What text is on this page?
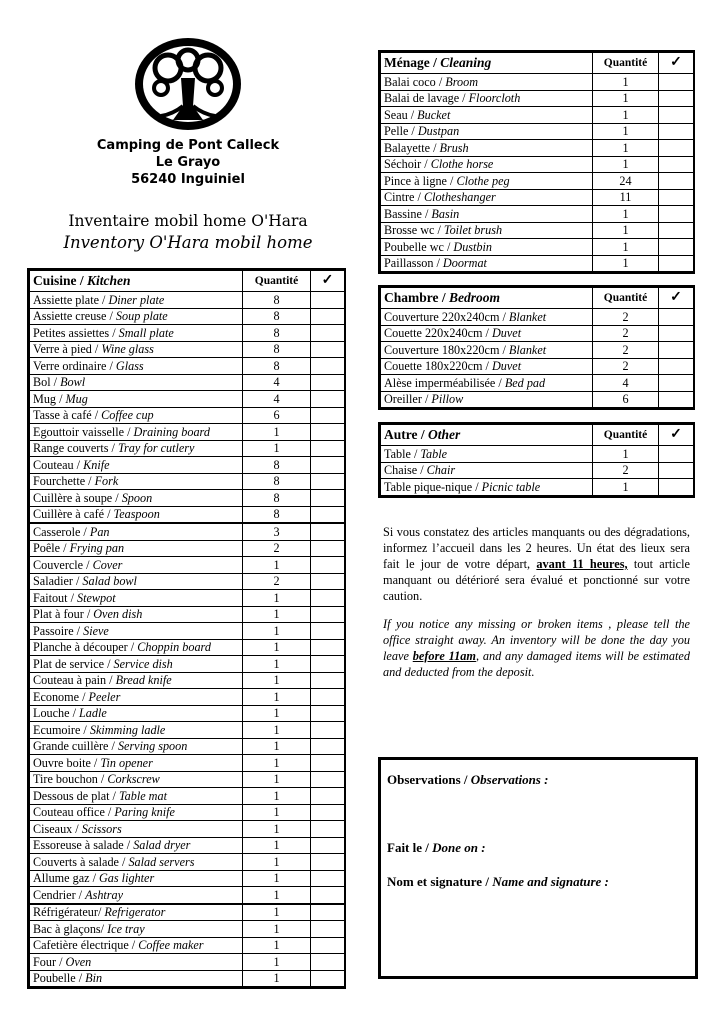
Camping de Pont Calleck
Le Grayo
56240 Inguiniel
Inventaire mobil home O'Hara
Inventory O'Hara mobil home
Cuisine / Kitchen	Quantité	✓
Assiette plate / Diner plate	8	
Assiette creuse / Soup plate	8	
Petites assiettes / Small plate	8	
Verre à pied / Wine glass	8	
Verre ordinaire / Glass	8	
Bol / Bowl	4	
Mug / Mug	4	
Tasse à café / Coffee cup	6	
Egouttoir vaisselle / Draining board	1	
Range couverts / Tray for cutlery	1	
Couteau / Knife	8	
Fourchette / Fork	8	
Cuillère à soupe / Spoon	8	
Cuillère à café / Teaspoon	8	
Casserole / Pan	3	
Poêle / Frying pan	2	
Couvercle / Cover	1	
Saladier / Salad bowl	2	
Faitout / Stewpot	1	
Plat à four / Oven dish	1	
Passoire / Sieve	1	
Planche à découper / Choppin board	1	
Plat de service / Service dish	1	
Couteau à pain / Bread knife	1	
Econome / Peeler	1	
Louche / Ladle	1	
Ecumoire / Skimming ladle	1	
Grande cuillère / Serving spoon	1	
Ouvre boite / Tin opener	1	
Tire bouchon / Corkscrew	1	
Dessous de plat / Table mat	1	
Couteau office / Paring knife	1	
Ciseaux / Scissors	1	
Essoreuse à salade / Salad dryer	1	
Couverts à salade / Salad servers	1	
Allume gaz / Gas lighter	1	
Cendrier / Ashtray	1	
Réfrigérateur/ Refrigerator	1	
Bac à glaçons/ Ice tray	1	
Cafetière électrique / Coffee maker	1	
Four / Oven	1	
Poubelle / Bin	1	
Ménage / Cleaning	Quantité	✓
Balai coco / Broom	1	
Balai de lavage / Floorcloth	1	
Seau / Bucket	1	
Pelle / Dustpan	1	
Balayette / Brush	1	
Séchoir / Clothe horse	1	
Pince à ligne / Clothe peg	24	
Cintre / Clotheshanger	11	
Bassine / Basin	1	
Brosse wc / Toilet brush	1	
Poubelle wc / Dustbin	1	
Paillasson / Doormat	1	
Chambre / Bedroom	Quantité	✓
Couverture 220x240cm / Blanket	2	
Couette 220x240cm / Duvet	2	
Couverture 180x220cm / Blanket	2	
Couette 180x220cm / Duvet	2	
Alèse imperméabilisée / Bed pad	4	
Oreiller / Pillow	6	
Autre / Other	Quantité	✓
Table / Table	1	
Chaise / Chair	2	
Table pique-nique / Picnic table	1	
Si vous constatez des articles manquants ou des dégradations, informez l’accueil dans les 2 heures. Un état des lieux sera fait le jour de votre départ, avant 11 heures, tout article manquant ou détérioré sera évalué et ponctionné sur votre caution.
If you notice any missing or broken items , please tell the office straight away. An inventory will be done the day you leave before 11am, and any damaged items will be estimated and deducted from the deposit.
Observations / Observations :
Fait le / Done on :
Nom et signature / Name and signature :
